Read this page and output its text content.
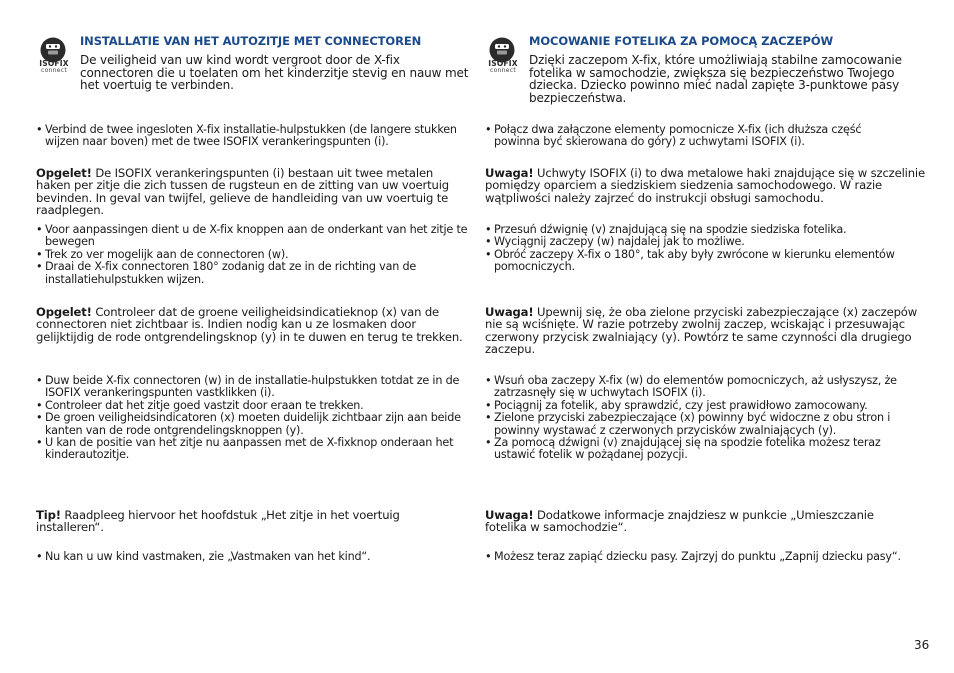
ISOFIX
connect
INSTALLATIE VAN HET AUTOZITJE MET CONNECTOREN
De veiligheid van uw kind wordt vergroot door de X-fix connectoren die u toelaten om het kinderzitje stevig en nauw met het voertuig te verbinden.
• Verbind de twee ingesloten X-fix installatie-hulpstukken (de langere stukken wijzen naar boven) met de twee ISOFIX verankeringspunten (i).
Opgelet! De ISOFIX verankeringspunten (i) bestaan uit twee metalen haken per zitje die zich tussen de rugsteun en de zitting van uw voertuig bevinden. In geval van twijfel, gelieve de handleiding van uw voertuig te raadplegen.
• Voor aanpassingen dient u de X-fix knoppen aan de onderkant van het zitje te bewegen
• Trek zo ver mogelijk aan de connectoren (w).
• Draai de X-fix connectoren 180° zodanig dat ze in de richting van de installatiehulpstukken wijzen.
Opgelet! Controleer dat de groene veiligheidsindicatieknop (x) van de connectoren niet zichtbaar is. Indien nodig kan u ze losmaken door gelijktijdig de rode ontgrendelingsknop (y) in te duwen en terug te trekken.
• Duw beide X-fix connectoren (w) in de installatie-hulpstukken totdat ze in de ISOFIX verankeringspunten vastklikken (i).
• Controleer dat het zitje goed vastzit door eraan te trekken.
• De groen veiligheidsindicatoren (x) moeten duidelijk zichtbaar zijn aan beide kanten van de rode ontgrendelingsknoppen (y).
• U kan de positie van het zitje nu aanpassen met de X-fixknop onderaan het kinderautozitje.
Tip! Raadpleeg hiervoor het hoofdstuk „Het zitje in het voertuig installeren“.
• Nu kan u uw kind vastmaken, zie „Vastmaken van het kind“.
ISOFIX
connect
MOCOWANIE FOTELIKA ZA POMOCĄ ZACZEPÓW
Dzięki zaczepom X-fix, które umożliwiają stabilne zamocowanie fotelika w samochodzie, zwiększa się bezpieczeństwo Twojego dziecka. Dziecko powinno mieć nadal zapięte 3-punktowe pasy bezpieczeństwa.
• Połącz dwa załączone elementy pomocnicze X-fix (ich dłuższa część powinna być skierowana do góry) z uchwytami ISOFIX (i).
Uwaga! Uchwyty ISOFIX (i) to dwa metalowe haki znajdujące się w szczelinie pomiędzy oparciem a siedziskiem siedzenia samochodowego. W razie wątpliwości należy zajrzeć do instrukcji obsługi samochodu.
• Przesuń dźwignię (v) znajdującą się na spodzie siedziska fotelika.
• Wyciągnij zaczepy (w) najdalej jak to możliwe.
• Obróć zaczepy X-fix o 180°, tak aby były zwrócone w kierunku elementów pomocniczych.
Uwaga! Upewnij się, że oba zielone przyciski zabezpieczające (x) zaczepów nie są wciśnięte. W razie potrzeby zwolnij zaczep, wciskając i przesuwając czerwony przycisk zwalniający (y). Powtórz te same czynności dla drugiego zaczepu.
• Wsuń oba zaczepy X-fix (w) do elementów pomocniczych, aż usłyszysz, że zatrzasnęły się w uchwytach ISOFIX (i).
• Pociągnij za fotelik, aby sprawdzić, czy jest prawidłowo zamocowany.
• Zielone przyciski zabezpieczające (x) powinny być widoczne z obu stron i powinny wystawać z czerwonych przycisków zwalniających (y).
• Za pomocą dźwigni (v) znajdującej się na spodzie fotelika możesz teraz ustawić fotelik w pożądanej pozycji.
Uwaga! Dodatkowe informacje znajdziesz w punkcie „Umieszczanie fotelika w samochodzie“.
• Możesz teraz zapiąć dziecku pasy. Zajrzyj do punktu „Zapnij dziecku pasy“.
36
